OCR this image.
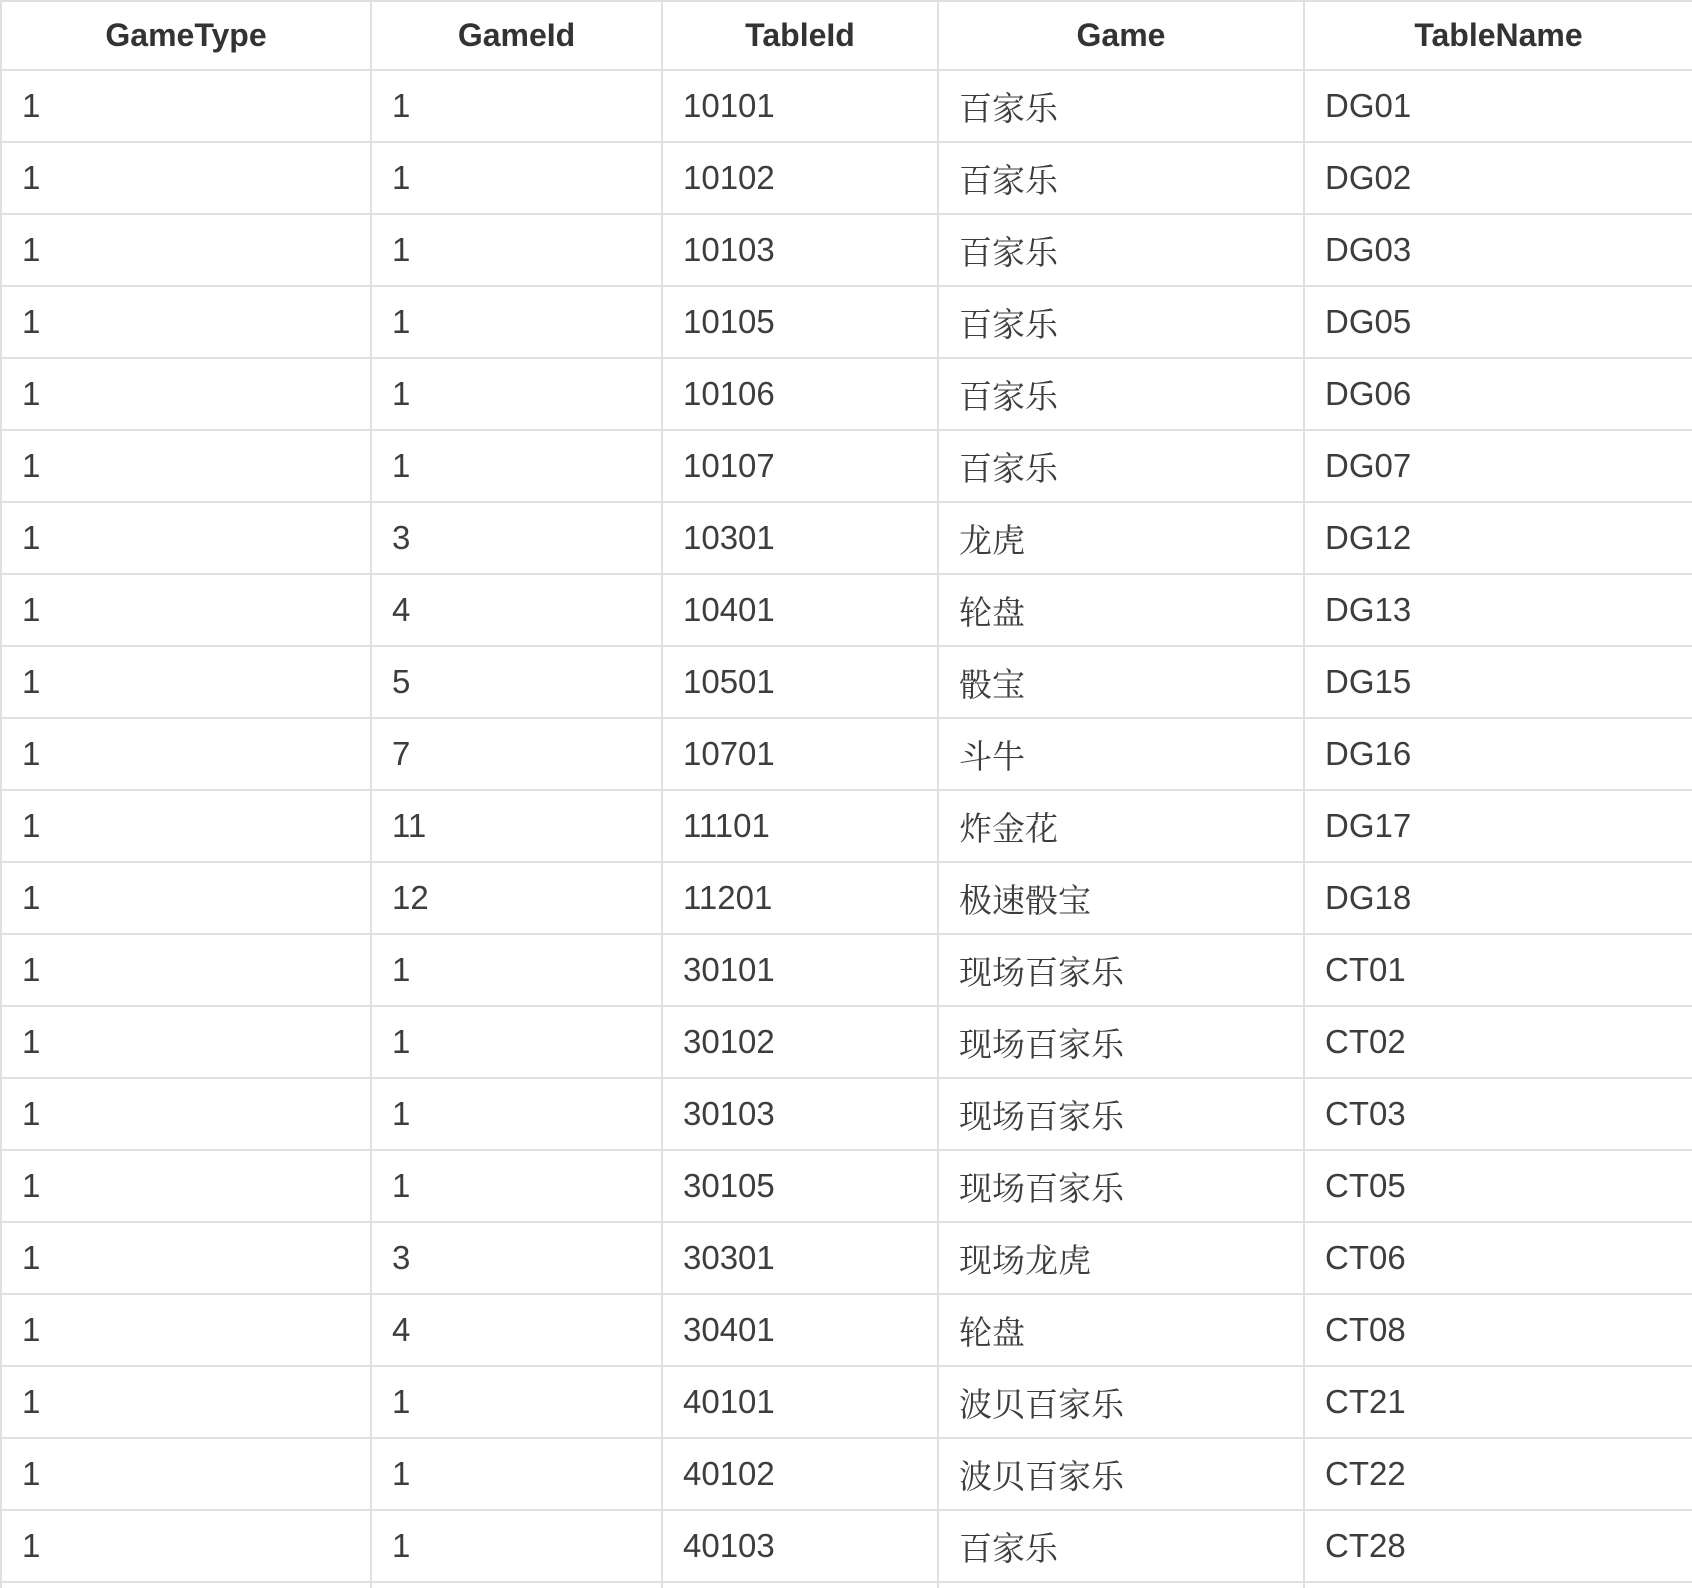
GameType	GameId	TableId	Game	TableName
1	1	10101	百家乐	DG01
1	1	10102	百家乐	DG02
1	1	10103	百家乐	DG03
1	1	10105	百家乐	DG05
1	1	10106	百家乐	DG06
1	1	10107	百家乐	DG07
1	3	10301	龙虎	DG12
1	4	10401	轮盘	DG13
1	5	10501	骰宝	DG15
1	7	10701	斗牛	DG16
1	11	11101	炸金花	DG17
1	12	11201	极速骰宝	DG18
1	1	30101	现场百家乐	CT01
1	1	30102	现场百家乐	CT02
1	1	30103	现场百家乐	CT03
1	1	30105	现场百家乐	CT05
1	3	30301	现场龙虎	CT06
1	4	30401	轮盘	CT08
1	1	40101	波贝百家乐	CT21
1	1	40102	波贝百家乐	CT22
1	1	40103	百家乐	CT28
